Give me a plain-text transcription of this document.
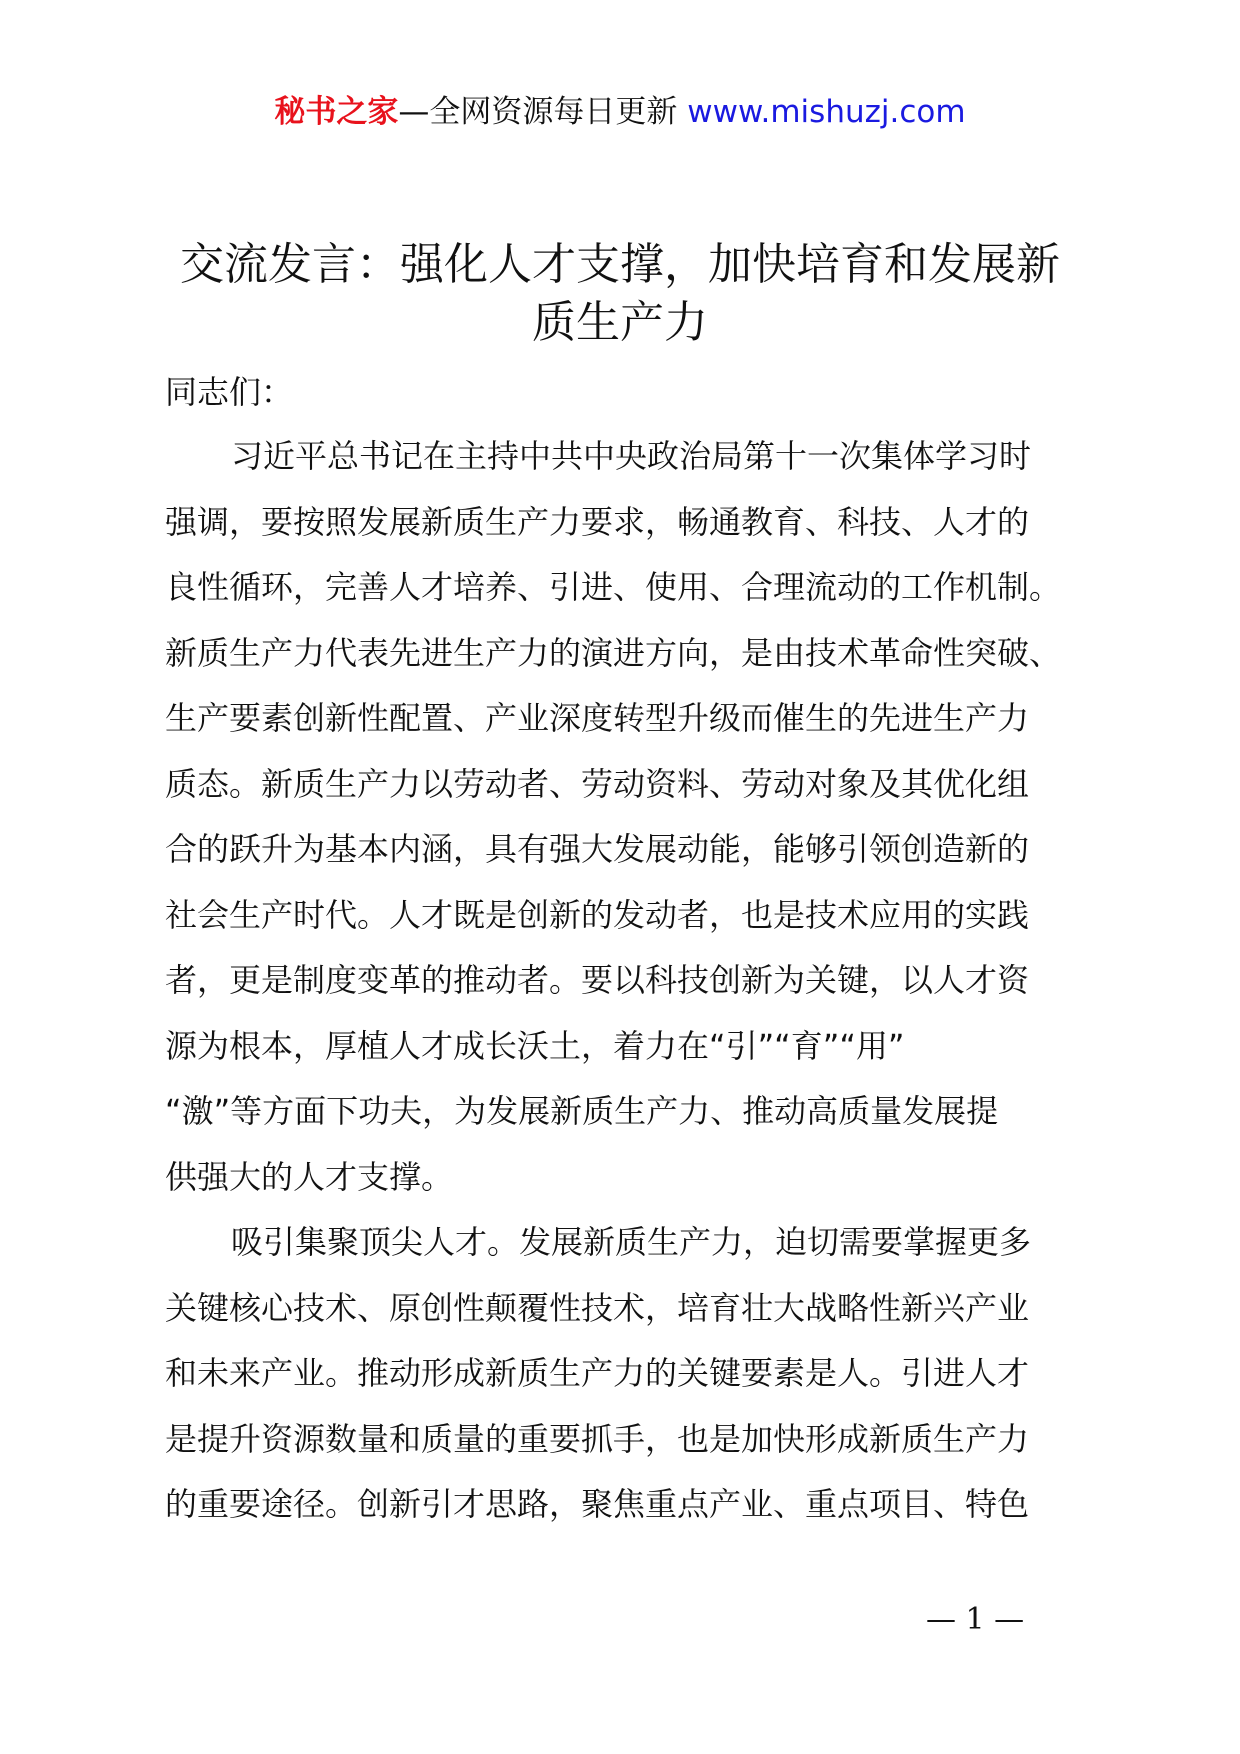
秘书之家—全网资源每日更新 www.mishuzj.com
交流发言：强化人才支撑，加快培育和发展新
质生产力
同志们：
习近平总书记在主持中共中央政治局第十一次集体学习时
强调，要按照发展新质生产力要求，畅通教育、科技、人才的
良性循环，完善人才培养、引进、使用、合理流动的工作机制。
新质生产力代表先进生产力的演进方向，是由技术革命性突破、
生产要素创新性配置、产业深度转型升级而催生的先进生产力
质态。新质生产力以劳动者、劳动资料、劳动对象及其优化组
合的跃升为基本内涵，具有强大发展动能，能够引领创造新的
社会生产时代。人才既是创新的发动者，也是技术应用的实践
者，更是制度变革的推动者。要以科技创新为关键，以人才资
源为根本，厚植人才成长沃土，着力在“引”“育”“用”
“激”等方面下功夫，为发展新质生产力、推动高质量发展提
供强大的人才支撑。
吸引集聚顶尖人才。发展新质生产力，迫切需要掌握更多
关键核心技术、原创性颠覆性技术，培育壮大战略性新兴产业
和未来产业。推动形成新质生产力的关键要素是人。引进人才
是提升资源数量和质量的重要抓手，也是加快形成新质生产力
的重要途径。创新引才思路，聚焦重点产业、重点项目、特色
— 1 —
